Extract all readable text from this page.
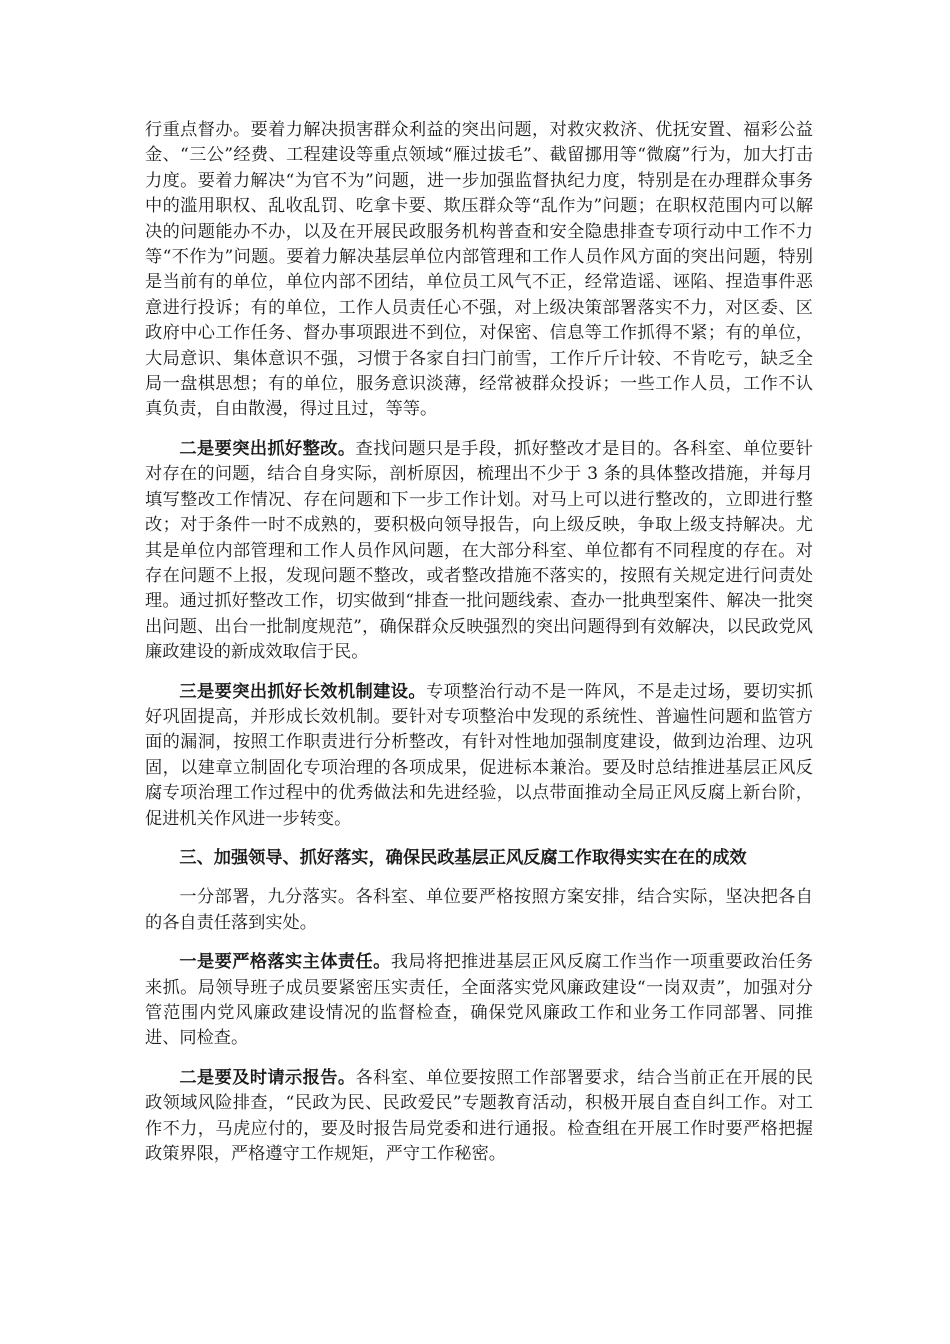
行重点督办。要着力解决损害群众利益的突出问题，对救灾救济、优抚安置、福彩公益金、“三公”经费、工程建设等重点领域“雁过拔毛”、截留挪用等“微腐”行为，加大打击力度。要着力解决“为官不为”问题，进一步加强监督执纪力度，特别是在办理群众事务中的滥用职权、乱收乱罚、吃拿卡要、欺压群众等“乱作为”问题；在职权范围内可以解决的问题能办不办，以及在开展民政服务机构普查和安全隐患排查专项行动中工作不力等“不作为”问题。要着力解决基层单位内部管理和工作人员作风方面的突出问题，特别是当前有的单位，单位内部不团结，单位员工风气不正，经常造谣、诬陷、捏造事件恶意进行投诉；有的单位，工作人员责任心不强，对上级决策部署落实不力，对区委、区政府中心工作任务、督办事项跟进不到位，对保密、信息等工作抓得不紧；有的单位，大局意识、集体意识不强，习惯于各家自扫门前雪，工作斤斤计较、不肯吃亏，缺乏全局一盘棋思想；有的单位，服务意识淡薄，经常被群众投诉；一些工作人员，工作不认真负责，自由散漫，得过且过，等等。

二是要突出抓好整改。查找问题只是手段，抓好整改才是目的。各科室、单位要针对存在的问题，结合自身实际，剖析原因，梳理出不少于 3 条的具体整改措施，并每月填写整改工作情况、存在问题和下一步工作计划。对马上可以进行整改的，立即进行整改；对于条件一时不成熟的，要积极向领导报告，向上级反映，争取上级支持解决。尤其是单位内部管理和工作人员作风问题，在大部分科室、单位都有不同程度的存在。对存在问题不上报，发现问题不整改，或者整改措施不落实的，按照有关规定进行问责处理。通过抓好整改工作，切实做到“排查一批问题线索、查办一批典型案件、解决一批突出问题、出台一批制度规范”，确保群众反映强烈的突出问题得到有效解决，以民政党风廉政建设的新成效取信于民。

三是要突出抓好长效机制建设。专项整治行动不是一阵风，不是走过场，要切实抓好巩固提高，并形成长效机制。要针对专项整治中发现的系统性、普遍性问题和监管方面的漏洞，按照工作职责进行分析整改，有针对性地加强制度建设，做到边治理、边巩固，以建章立制固化专项治理的各项成果，促进标本兼治。要及时总结推进基层正风反腐专项治理工作过程中的优秀做法和先进经验，以点带面推动全局正风反腐上新台阶，促进机关作风进一步转变。

三、加强领导、抓好落实，确保民政基层正风反腐工作取得实实在在的成效

一分部署，九分落实。各科室、单位要严格按照方案安排，结合实际，坚决把各自的各自责任落到实处。

一是要严格落实主体责任。我局将把推进基层正风反腐工作当作一项重要政治任务来抓。局领导班子成员要紧密压实责任，全面落实党风廉政建设“一岗双责”，加强对分管范围内党风廉政建设情况的监督检查，确保党风廉政工作和业务工作同部署、同推进、同检查。

二是要及时请示报告。各科室、单位要按照工作部署要求，结合当前正在开展的民政领域风险排查，“民政为民、民政爱民”专题教育活动，积极开展自查自纠工作。对工作不力，马虎应付的，要及时报告局党委和进行通报。检查组在开展工作时要严格把握政策界限，严格遵守工作规矩，严守工作秘密。
